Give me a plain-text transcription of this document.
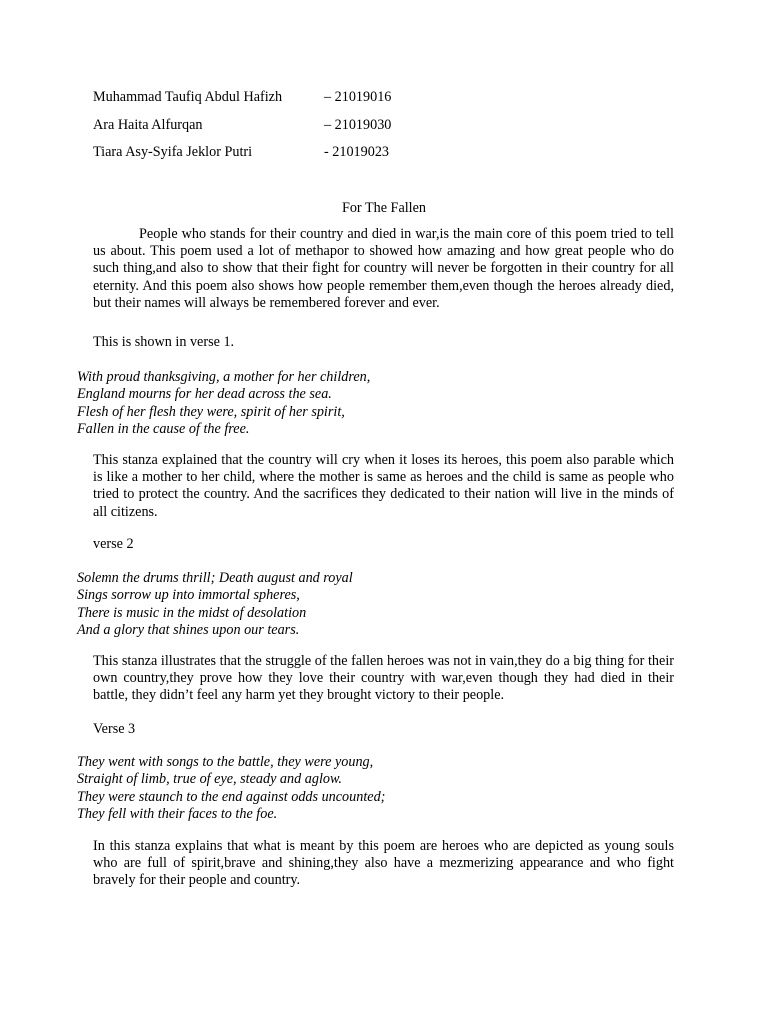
Muhammad Taufiq Abdul Hafizh	– 21019016
Ara Haita Alfurqan	– 21019030
Tiara Asy-Syifa Jeklor Putri	- 21019023
For The Fallen

People who stands for their country and died in war,is the main core of this poem tried to tell us about. This poem used a lot of methapor to showed how amazing and how great people who do such thing,and also to show that their fight for country will never be forgotten in their country for all eternity. And this poem also shows how people remember them,even though the heroes already died, but their names will always be remembered forever and ever.

This is shown in verse 1.
With proud thanksgiving, a mother for her children,
England mourns for her dead across the sea.
Flesh of her flesh they were, spirit of her spirit,
Fallen in the cause of the free.

This stanza explained that the country will cry when it loses its heroes, this poem also parable which is like a mother to her child, where the mother is same as heroes and the child is same as people who tried to protect the country. And the sacrifices they dedicated to their nation will live in the minds of all citizens.

verse 2
Solemn the drums thrill; Death august and royal
Sings sorrow up into immortal spheres,
There is music in the midst of desolation
And a glory that shines upon our tears.

This stanza illustrates that the struggle of the fallen heroes was not in vain,they do a big thing for their own country,they prove how they love their country with war,even though they had died in their battle, they didn’t feel any harm yet they brought victory to their people.

Verse 3
They went with songs to the battle, they were young,
Straight of limb, true of eye, steady and aglow.
They were staunch to the end against odds uncounted;
They fell with their faces to the foe.

In this stanza explains that what is meant by this poem are heroes who are depicted as young souls who are full of spirit,brave and shining,they also have a mezmerizing appearance and who fight bravely for their people and country.
